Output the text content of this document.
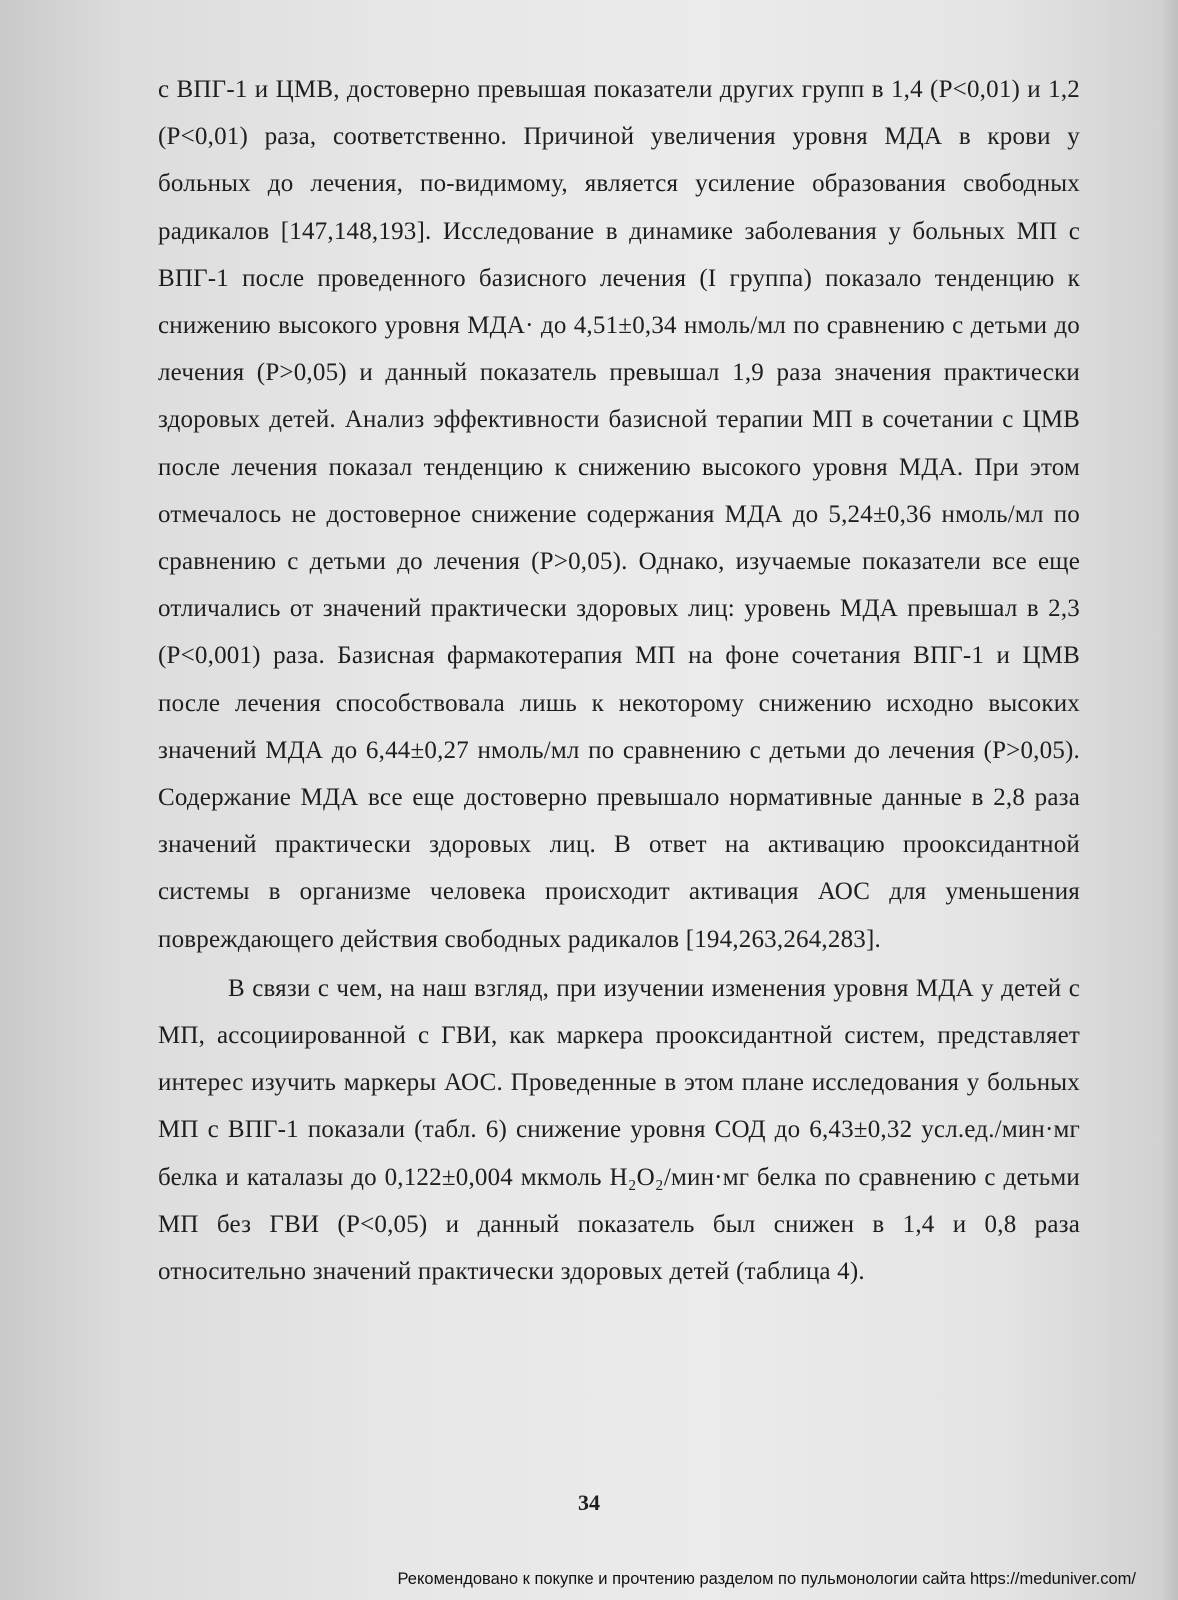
с ВПГ-1 и ЦМВ, достоверно превышая показатели других групп в 1,4 (Р<0,01) и 1,2 (Р<0,01) раза, соответственно. Причиной увеличения уровня МДА в крови у больных до лечения, по-видимому, является усиление образования свободных радикалов [147,148,193]. Исследование в динамике заболевания у больных МП с ВПГ-1 после проведенного базисного лечения (I группа) показало тенденцию к снижению высокого уровня МДА· до 4,51±0,34 нмоль/мл по сравнению с детьми до лечения (Р>0,05) и данный показатель превышал 1,9 раза значения практически здоровых детей. Анализ эффективности базисной терапии МП в сочетании с ЦМВ после лечения показал тенденцию к снижению высокого уровня МДА. При этом отмечалось не достоверное снижение содержания МДА до 5,24±0,36 нмоль/мл по сравнению с детьми до лечения (Р>0,05). Однако, изучаемые показатели все еще отличались от значений практически здоровых лиц: уровень МДА превышал в 2,3 (Р<0,001) раза. Базисная фармакотерапия МП на фоне сочетания ВПГ-1 и ЦМВ после лечения способствовала лишь к некоторому снижению исходно высоких значений МДА до 6,44±0,27 нмоль/мл по сравнению с детьми до лечения (Р>0,05). Содержание МДА все еще достоверно превышало нормативные данные в 2,8 раза значений практически здоровых лиц. В ответ на активацию прооксидантной системы в организме человека происходит активация АОС для уменьшения повреждающего действия свободных радикалов [194,263,264,283].

В связи с чем, на наш взгляд, при изучении изменения уровня МДА у детей с МП, ассоциированной с ГВИ, как маркера прооксидантной систем, представляет интерес изучить маркеры АОС. Проведенные в этом плане исследования у больных МП с ВПГ-1 показали (табл. 6) снижение уровня СОД до 6,43±0,32 усл.ед./мин·мг белка и каталазы до 0,122±0,004 мкмоль H₂O₂/мин·мг белка по сравнению с детьми МП без ГВИ (Р<0,05) и данный показатель был снижен в 1,4 и 0,8 раза относительно значений практически здоровых детей (таблица 4).

34
Рекомендовано к покупке и прочтению разделом по пульмонологии сайта https://meduniver.com/
